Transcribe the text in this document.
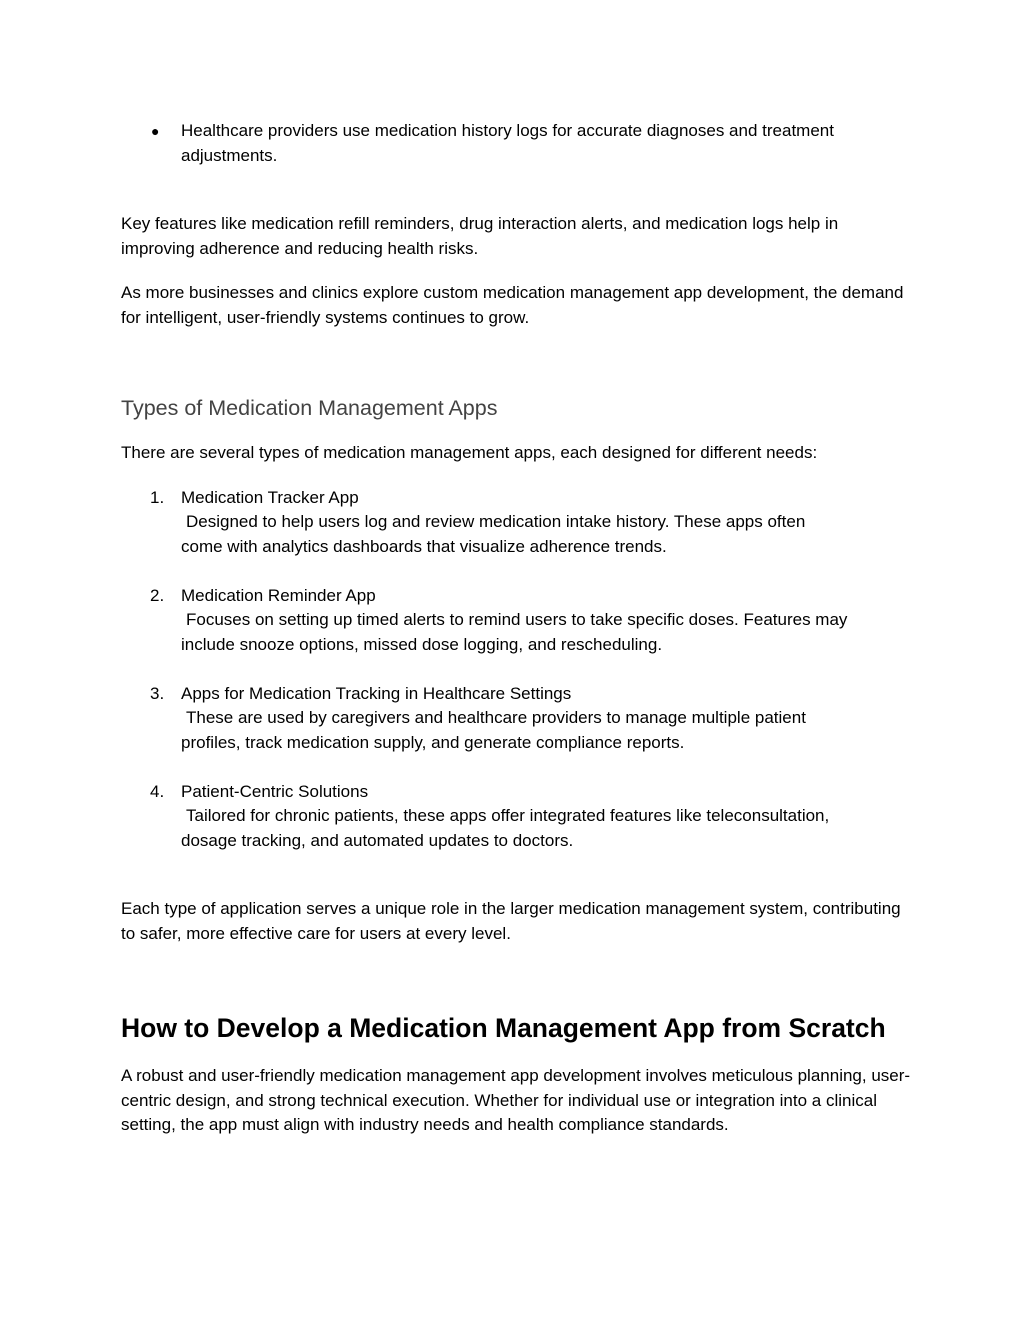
● Healthcare providers use medication history logs for accurate diagnoses and treatment adjustments.

Key features like medication refill reminders, drug interaction alerts, and medication logs help in improving adherence and reducing health risks.

As more businesses and clinics explore custom medication management app development, the demand for intelligent, user-friendly systems continues to grow.

Types of Medication Management Apps

There are several types of medication management apps, each designed for different needs:

1. Medication Tracker App
Designed to help users log and review medication intake history. These apps often
come with analytics dashboards that visualize adherence trends.
2. Medication Reminder App
Focuses on setting up timed alerts to remind users to take specific doses. Features may
include snooze options, missed dose logging, and rescheduling.
3. Apps for Medication Tracking in Healthcare Settings
These are used by caregivers and healthcare providers to manage multiple patient
profiles, track medication supply, and generate compliance reports.
4. Patient-Centric Solutions
Tailored for chronic patients, these apps offer integrated features like teleconsultation,
dosage tracking, and automated updates to doctors.

Each type of application serves a unique role in the larger medication management system, contributing to safer, more effective care for users at every level.

How to Develop a Medication Management App from Scratch

A robust and user-friendly medication management app development involves meticulous planning, user-centric design, and strong technical execution. Whether for individual use or integration into a clinical setting, the app must align with industry needs and health compliance standards.
